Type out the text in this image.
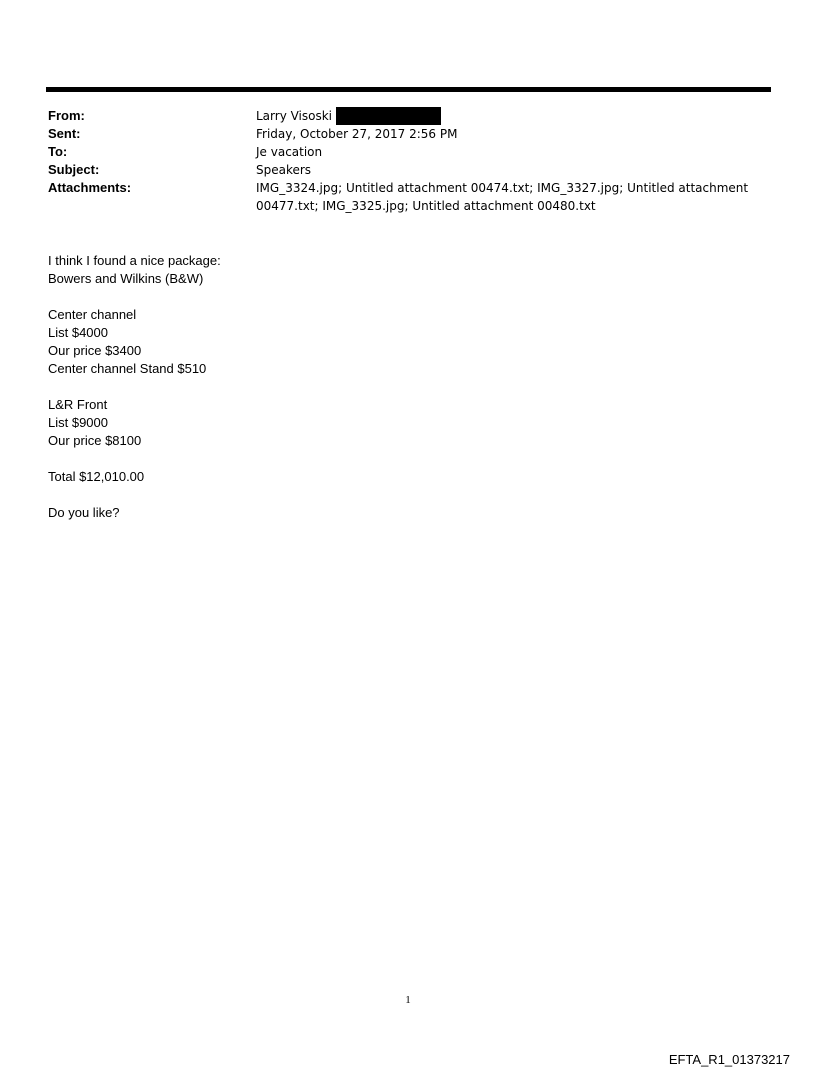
From:	Larry Visoski
Sent:	Friday, October 27, 2017 2:56 PM
To:	Je vacation
Subject:	Speakers
Attachments:	IMG_3324.jpg; Untitled attachment 00474.txt; IMG_3327.jpg; Untitled attachment
00477.txt; IMG_3325.jpg; Untitled attachment 00480.txt
I think I found a nice package:
Bowers and Wilkins (B&W)
Center channel
List $4000
Our price $3400
Center channel Stand $510
L&R Front
List $9000
Our price $8100
Total $12,010.00
Do you like?
1
EFTA_R1_01373217
